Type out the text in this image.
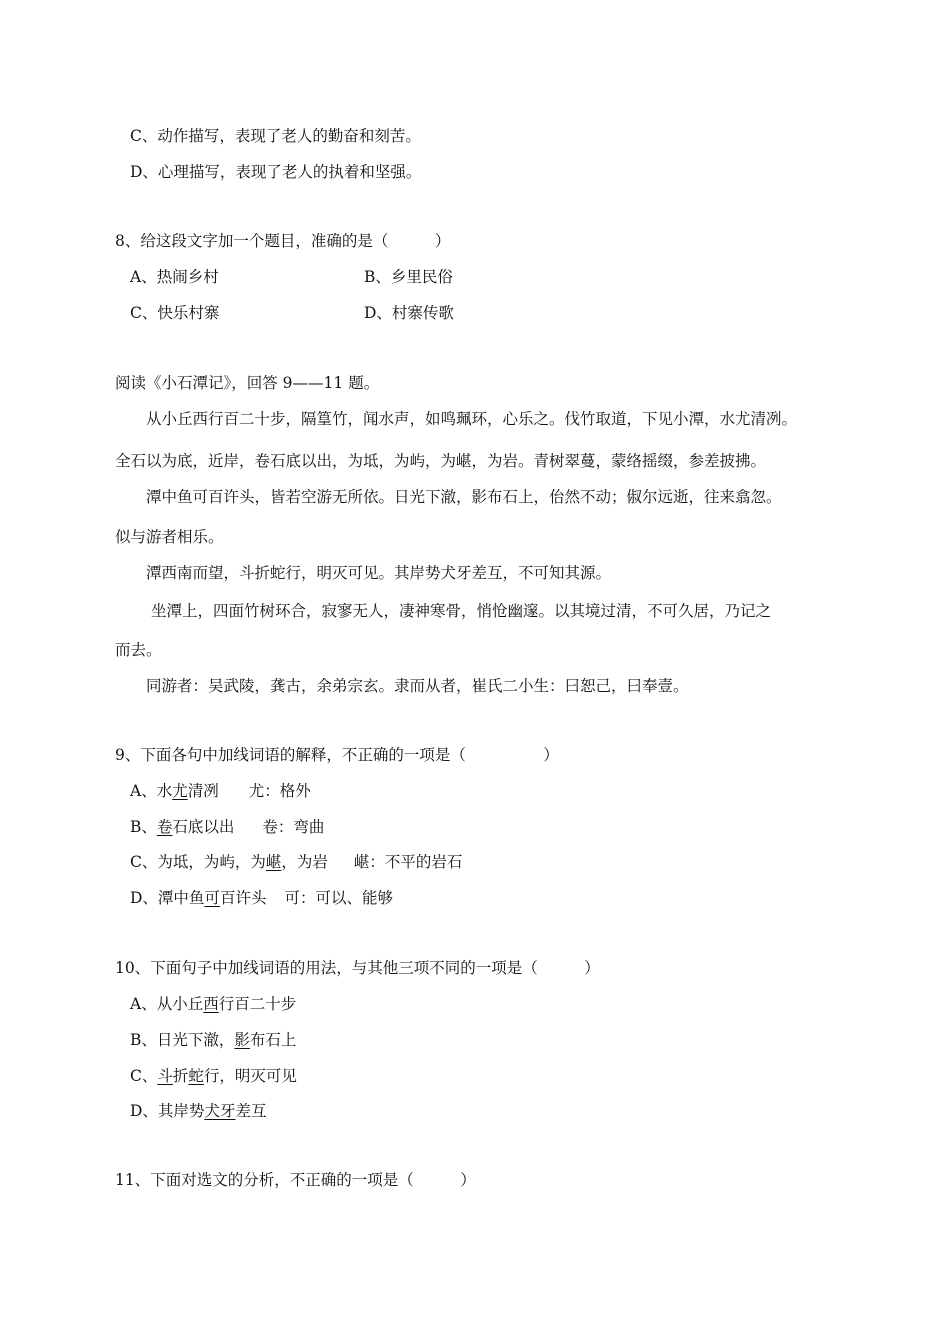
C、动作描写，表现了老人的勤奋和刻苦。
D、心理描写，表现了老人的执着和坚强。
8、给这段文字加一个题目，准确的是（　　　）
A、热闹乡村	B、乡里民俗
C、快乐村寨	D、村寨传歌
阅读《小石潭记》，回答 9——11 题。
从小丘西行百二十步，隔篁竹，闻水声，如鸣珮环，心乐之。伐竹取道，下见小潭，水尤清冽。
全石以为底，近岸，卷石底以出，为坻，为屿，为嵁，为岩。青树翠蔓，蒙络摇缀，参差披拂。
潭中鱼可百许头，皆若空游无所依。日光下澈，影布石上，佁然不动；俶尔远逝，往来翕忽。
似与游者相乐。
潭西南而望，斗折蛇行，明灭可见。其岸势犬牙差互，不可知其源。
坐潭上，四面竹树环合，寂寥无人，凄神寒骨，悄怆幽邃。以其境过清，不可久居，乃记之
而去。
同游者：吴武陵，龚古，余弟宗玄。隶而从者，崔氏二小生：曰恕己，曰奉壹。
9、下面各句中加线词语的解释，不正确的一项是（　　　　　）
A、水尤清冽 尤：格外
B、卷石底以出 卷：弯曲
C、为坻，为屿，为嵁，为岩 嵁：不平的岩石
D、潭中鱼可百许头 可：可以、能够
10、下面句子中加线词语的用法，与其他三项不同的一项是（　　　）
A、从小丘西行百二十步
B、日光下澈，影布石上
C、斗折蛇行，明灭可见
D、其岸势犬牙差互
11、下面对选文的分析，不正确的一项是（　　　）
